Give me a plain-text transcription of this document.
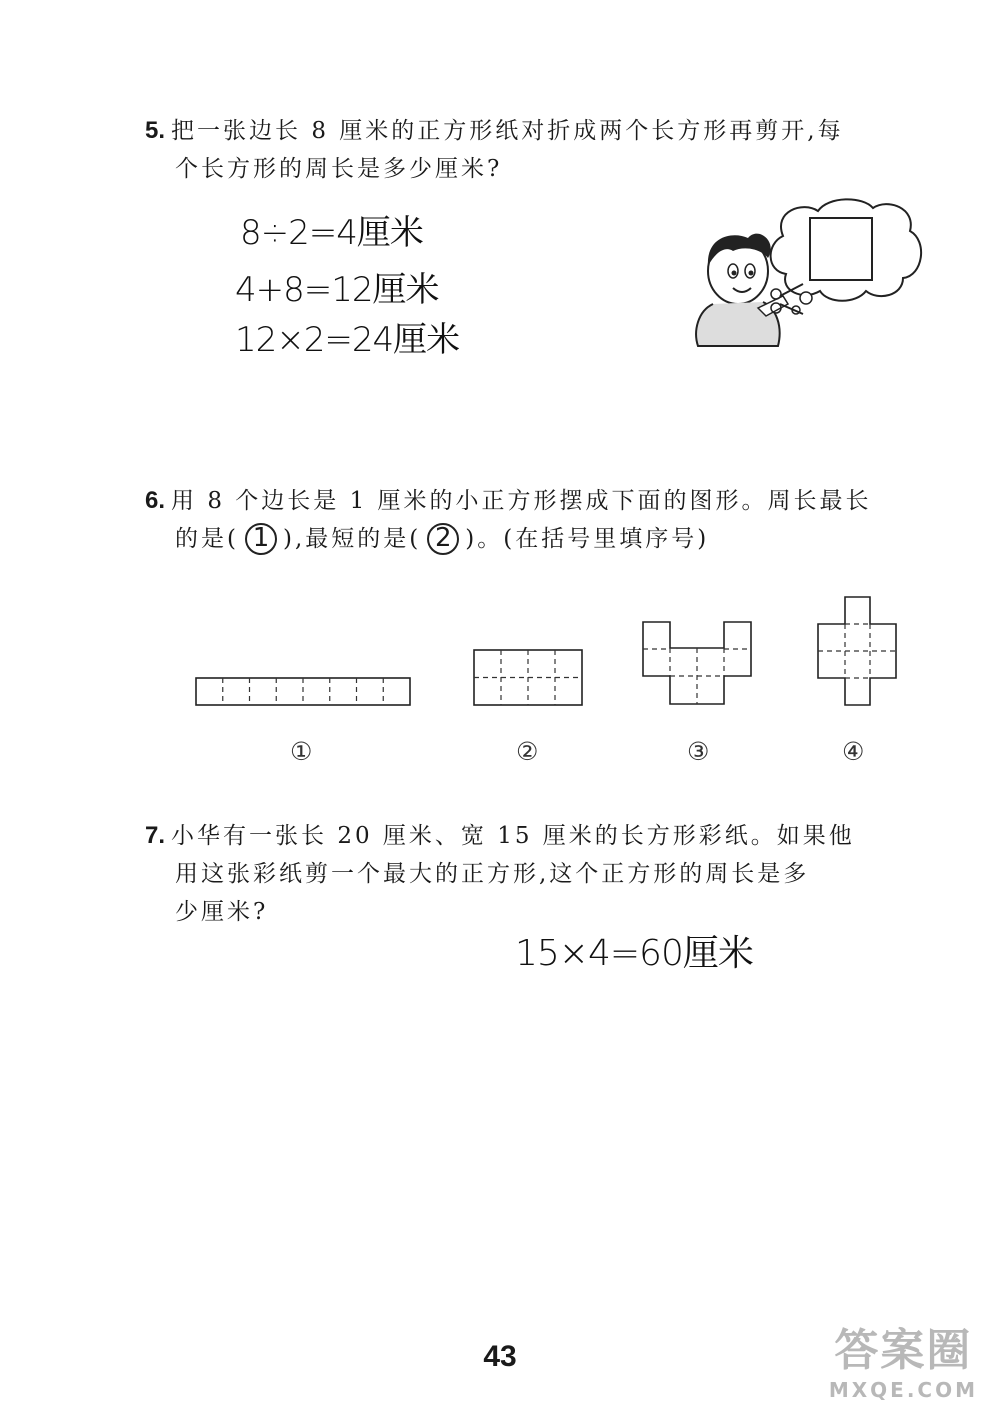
5. 把一张边长 8 厘米的正方形纸对折成两个长方形再剪开,每
个长方形的周长是多少厘米?
8÷2=4厘米
4+8=12厘米
12×2=24厘米
6. 用 8 个边长是 1 厘米的小正方形摆成下面的图形。周长最长
的是( 1 ),最短的是( 2 )。(在括号里填序号)
①	②	③	④
7. 小华有一张长 20 厘米、宽 15 厘米的长方形彩纸。如果他
用这张彩纸剪一个最大的正方形,这个正方形的周长是多
少厘米?
15×4=60厘米
43	答案圈
MXQE.COM
